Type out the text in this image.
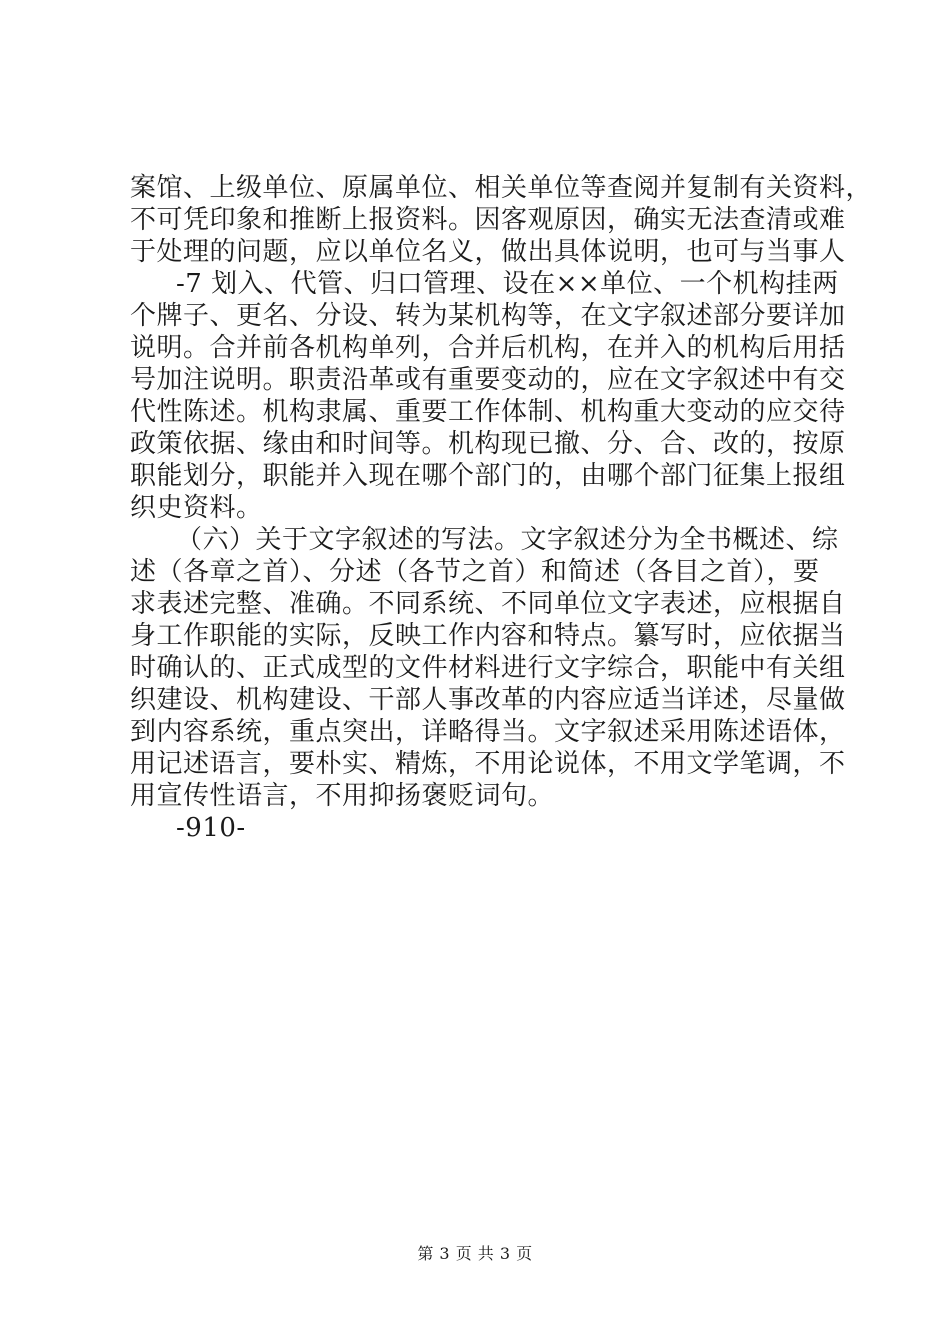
案馆、上级单位、原属单位、相关单位等查阅并复制有关资料，
不可凭印象和推断上报资料。因客观原因，确实无法查清或难
于处理的问题，应以单位名义，做出具体说明，也可与当事人
-7 划入、代管、归口管理、设在××单位、一个机构挂两
个牌子、更名、分设、转为某机构等，在文字叙述部分要详加
说明。合并前各机构单列，合并后机构，在并入的机构后用括
号加注说明。职责沿革或有重要变动的，应在文字叙述中有交
代性陈述。机构隶属、重要工作体制、机构重大变动的应交待
政策依据、缘由和时间等。机构现已撤、分、合、改的，按原
职能划分，职能并入现在哪个部门的，由哪个部门征集上报组
织史资料。
（六）关于文字叙述的写法。文字叙述分为全书概述、综
述（各章之首）、分述（各节之首）和简述（各目之首），要
求表述完整、准确。不同系统、不同单位文字表述，应根据自
身工作职能的实际，反映工作内容和特点。纂写时，应依据当
时确认的、正式成型的文件材料进行文字综合，职能中有关组
织建设、机构建设、干部人事改革的内容应适当详述，尽量做
到内容系统，重点突出，详略得当。文字叙述采用陈述语体，
用记述语言，要朴实、精炼，不用论说体，不用文学笔调，不
用宣传性语言，不用抑扬褒贬词句。
-910-
第 3 页 共 3 页
